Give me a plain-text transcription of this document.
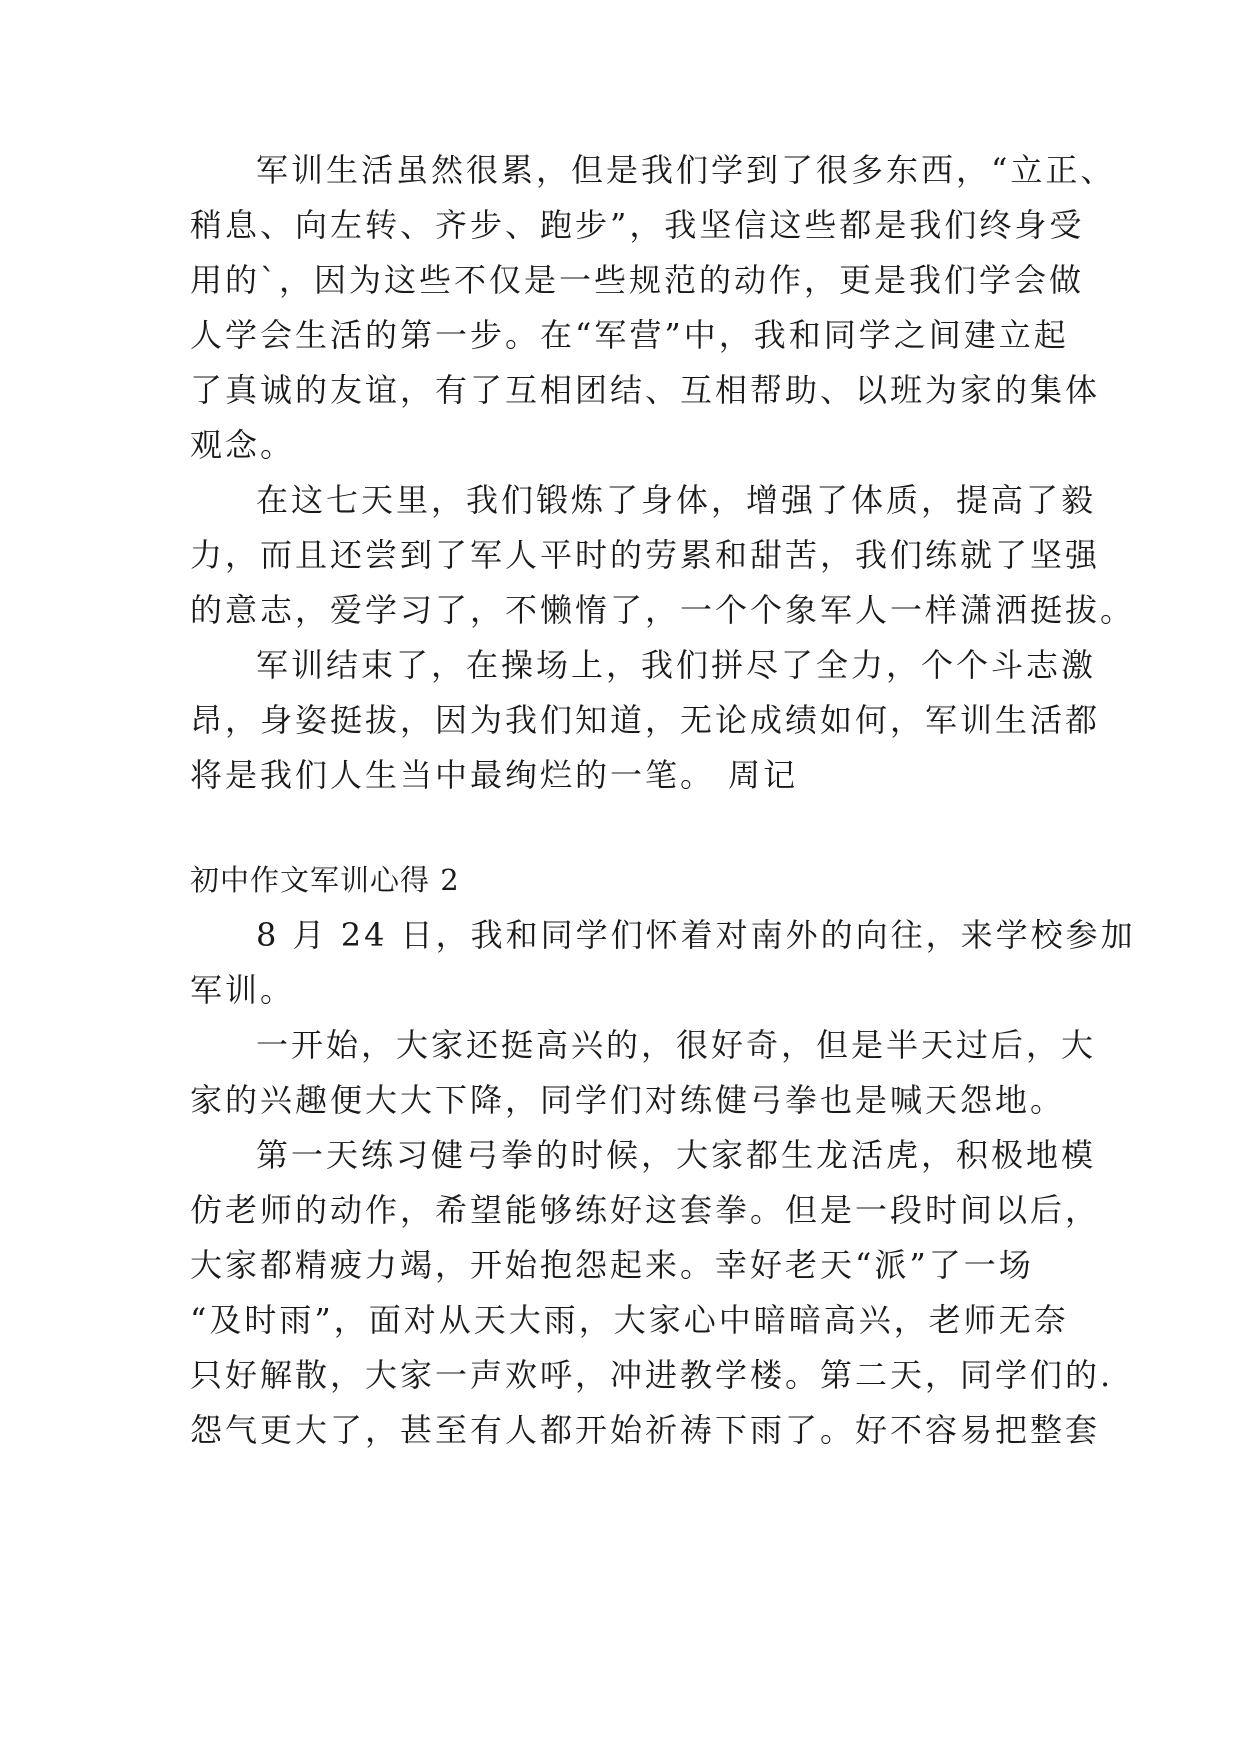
军训生活虽然很累，但是我们学到了很多东西，“立正、
稍息、向左转、齐步、跑步”，我坚信这些都是我们终身受
用的`，因为这些不仅是一些规范的动作，更是我们学会做
人学会生活的第一步。在“军营”中，我和同学之间建立起
了真诚的友谊，有了互相团结、互相帮助、以班为家的集体
观念。
在这七天里，我们锻炼了身体，增强了体质，提高了毅
力，而且还尝到了军人平时的劳累和甜苦，我们练就了坚强
的意志，爱学习了，不懒惰了，一个个象军人一样潇洒挺拔。
军训结束了，在操场上，我们拼尽了全力，个个斗志激
昂，身姿挺拔，因为我们知道，无论成绩如何，军训生活都
将是我们人生当中最绚烂的一笔。 周记
初中作文军训心得 2
8 月 24 日，我和同学们怀着对南外的向往，来学校参加
军训。
一开始，大家还挺高兴的，很好奇，但是半天过后，大
家的兴趣便大大下降，同学们对练健弓拳也是喊天怨地。
第一天练习健弓拳的时候，大家都生龙活虎，积极地模
仿老师的动作，希望能够练好这套拳。但是一段时间以后，
大家都精疲力竭，开始抱怨起来。幸好老天“派”了一场
“及时雨”，面对从天大雨，大家心中暗暗高兴，老师无奈
只好解散，大家一声欢呼，冲进教学楼。第二天，同学们的.
怨气更大了，甚至有人都开始祈祷下雨了。好不容易把整套
